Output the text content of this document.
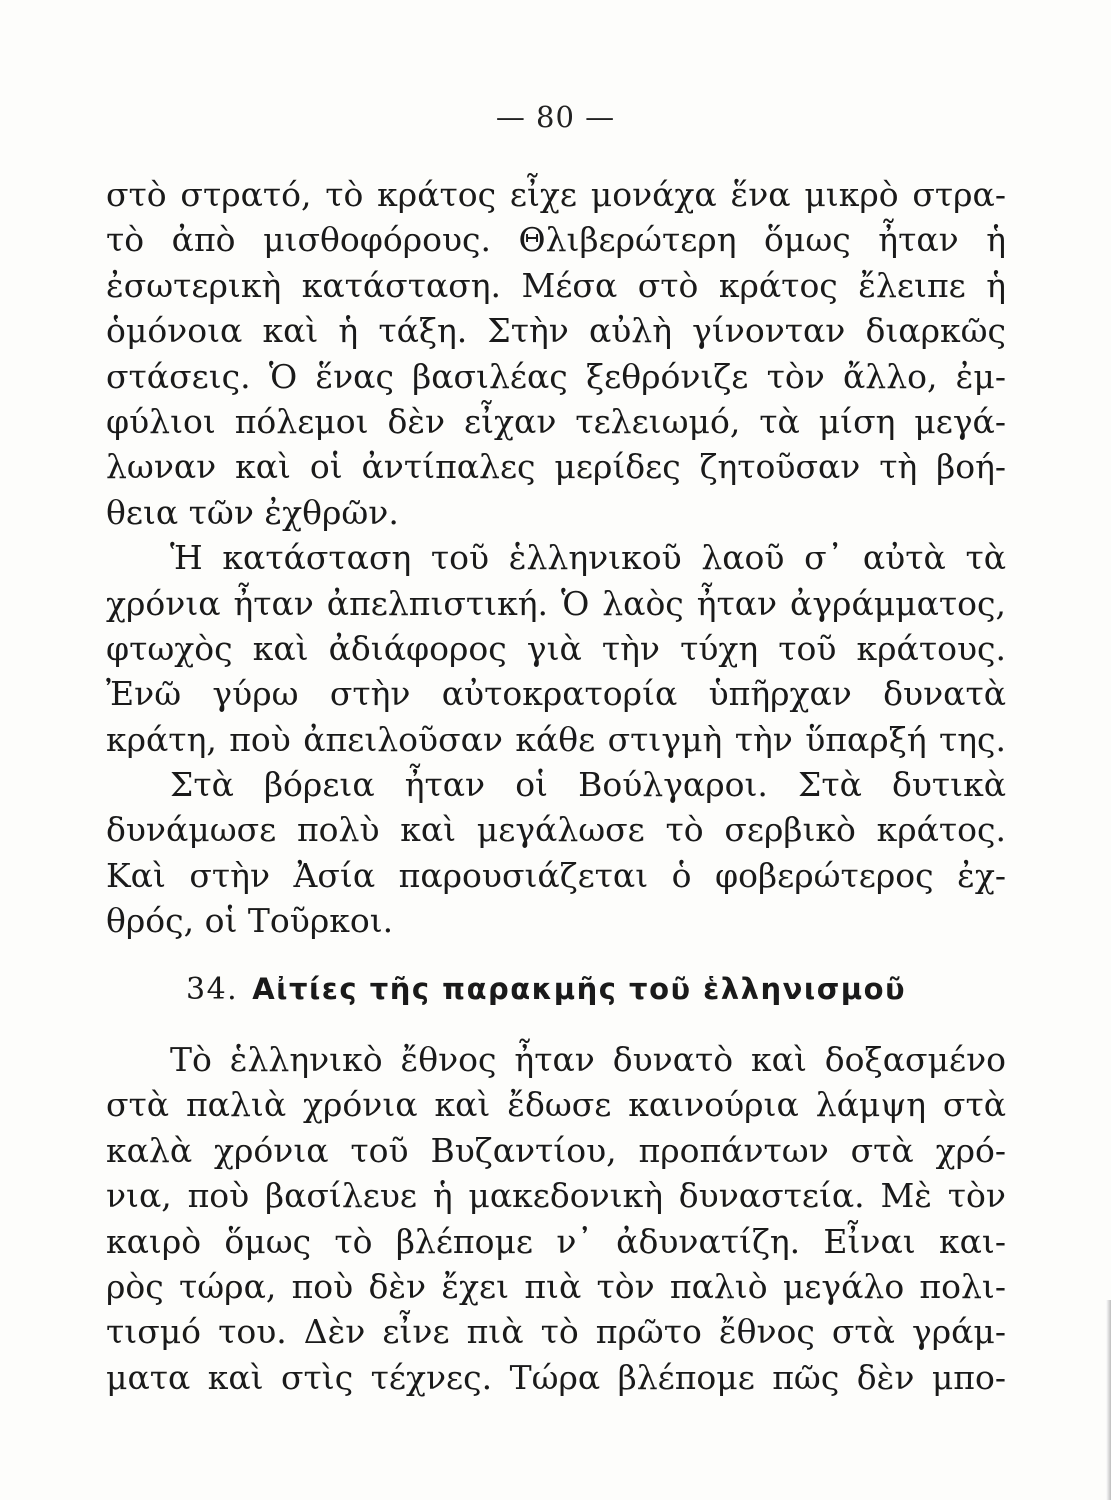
— 80 —
στὸ στρατό, τὸ κράτος εἶχε μονάχα ἕνα μικρὸ στρα-
τὸ ἀπὸ μισθοφόρους. Θλιβερώτερη ὅμως ἦταν ἡ
ἐσωτερικὴ κατάσταση. Μέσα στὸ κράτος ἔλειπε ἡ
ὁμόνοια καὶ ἡ τάξη. Στὴν αὐλὴ γίνονταν διαρκῶς
στάσεις. Ὁ ἕνας βασιλέας ξεθρόνιζε τὸν ἄλλο, ἐμ-
φύλιοι πόλεμοι δὲν εἶχαν τελειωμό, τὰ μίση μεγά-
λωναν καὶ οἱ ἀντίπαλες μερίδες ζητοῦσαν τὴ βοή-
θεια τῶν ἐχθρῶν.
Ἡ κατάσταση τοῦ ἑλληνικοῦ λαοῦ σ᾽ αὐτὰ τὰ
χρόνια ἦταν ἀπελπιστική. Ὁ λαὸς ἦταν ἀγράμματος,
φτωχὸς καὶ ἀδιάφορος γιὰ τὴν τύχη τοῦ κράτους.
Ἐνῶ γύρω στὴν αὐτοκρατορία ὑπῆρχαν δυνατὰ
κράτη, ποὺ ἀπειλοῦσαν κάθε στιγμὴ τὴν ὕπαρξή της.
Στὰ βόρεια ἦταν οἱ Βούλγαροι. Στὰ δυτικὰ
δυνάμωσε πολὺ καὶ μεγάλωσε τὸ σερβικὸ κράτος.
Καὶ στὴν Ἀσία παρουσιάζεται ὁ φοβερώτερος ἐχ-
θρός, οἱ Τοῦρκοι.
34. Αἰτίες τῆς παρακμῆς τοῦ ἑλληνισμοῦ
Τὸ ἑλληνικὸ ἔθνος ἦταν δυνατὸ καὶ δοξασμένο
στὰ παλιὰ χρόνια καὶ ἔδωσε καινούρια λάμψη στὰ
καλὰ χρόνια τοῦ Βυζαντίου, προπάντων στὰ χρό-
νια, ποὺ βασίλευε ἡ μακεδονικὴ δυναστεία. Μὲ τὸν
καιρὸ ὅμως τὸ βλέπομε ν᾽ ἀδυνατίζη. Εἶναι και-
ρὸς τώρα, ποὺ δὲν ἔχει πιὰ τὸν παλιὸ μεγάλο πολι-
τισμό του. Δὲν εἶνε πιὰ τὸ πρῶτο ἔθνος στὰ γράμ-
ματα καὶ στὶς τέχνες. Τώρα βλέπομε πῶς δὲν μπο-
